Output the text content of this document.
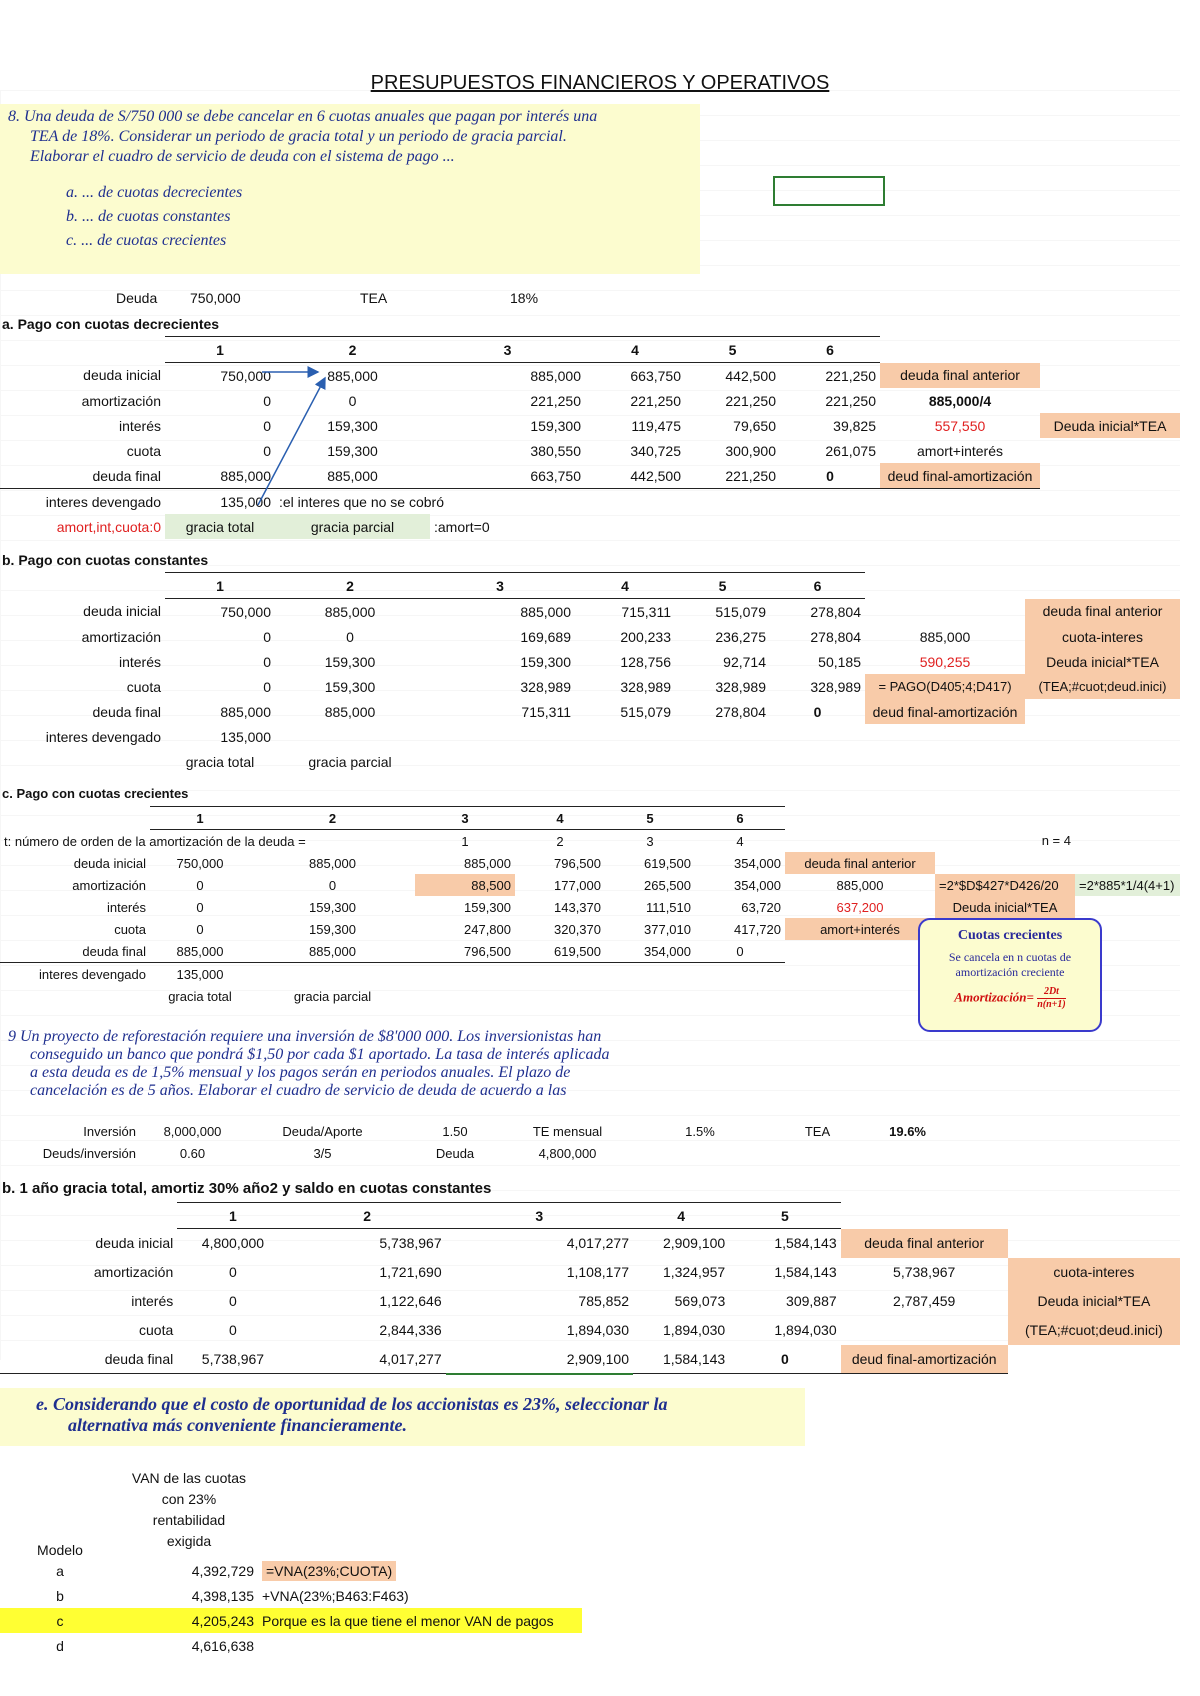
PRESUPUESTOS FINANCIEROS Y OPERATIVOS

8. Una deuda de S/750 000 se debe cancelar en 6 cuotas anuales que pagan por interés una

TEA de 18%. Considerar un periodo de gracia total y un periodo de gracia parcial.

Elaborar el cuadro de servicio de deuda con el sistema de pago ...

a. ... de cuotas decrecientes

b. ... de cuotas constantes

c. ... de cuotas crecientes

Deuda 750,000	TEA	18%
a. Pago con cuotas decrecientes
	1	2	3	4	5	6		
deuda inicial	750,000	885,000	885,000	663,750	442,500	221,250	deuda final anterior	
amortización	0	0	221,250	221,250	221,250	221,250	885,000/4	
interés	0	159,300	159,300	119,475	79,650	39,825	557,550	Deuda inicial*TEA
cuota	0	159,300	380,550	340,725	300,900	261,075	amort+interés	
deuda final	885,000	885,000	663,750	442,500	221,250	0	deud final-amortización	
interes devengado	135,000	:el interes que no se cobró						
amort,int,cuota:0	gracia total	gracia parcial	:amort=0					
b. Pago con cuotas constantes
	1	2	3	4	5	6		
deuda inicial	750,000	885,000	885,000	715,311	515,079	278,804		deuda final anterior
amortización	0	0	169,689	200,233	236,275	278,804	885,000	cuota-interes
interés	0	159,300	159,300	128,756	92,714	50,185	590,255	Deuda inicial*TEA
cuota	0	159,300	328,989	328,989	328,989	328,989	= PAGO(D405;4;D417)	(TEA;#cuot;deud.inici)
deuda final	885,000	885,000	715,311	515,079	278,804	0	deud final-amortización	
interes devengado	135,000							
	gracia total	gracia parcial						
c. Pago con cuotas crecientes
	1	2	3	4	5	6			
t: número de orden de la amortización de la deuda =			1	2	3	4	n = 4		
deuda inicial	750,000	885,000	885,000	796,500	619,500	354,000	deuda final anterior		
amortización	0	0	88,500	177,000	265,500	354,000	885,000	=2*$D$427*D426/20	=2*885*1/4(4+1)
interés	0	159,300	159,300	143,370	111,510	63,720	637,200	Deuda inicial*TEA	
cuota	0	159,300	247,800	320,370	377,010	417,720	amort+interés		
deuda final	885,000	885,000	796,500	619,500	354,000	0			
interes devengado	135,000								
	gracia total	gracia parcial							
Cuotas crecientes
Se cancela en n cuotas de amortización creciente
Amortización= $\frac{2Dt}{n(n+1)}$

9 Un proyecto de reforestación requiere una inversión de $8'000 000. Los inversionistas han

conseguido un banco que pondrá $1,50 por cada $1 aportado. La tasa de interés aplicada

a esta deuda es de 1,5% mensual y los pagos serán en periodos anuales. El plazo de

cancelación es de 5 años. Elaborar el cuadro de servicio de deuda de acuerdo a las

Inversión	8,000,000	Deuda/Aporte	1.50	TE mensual	1.5%	TEA	19.6%
Deuds/inversión	0.60	3/5	Deuda	4,800,000			
b. 1 año gracia total, amortiz 30% año2 y saldo en cuotas constantes
	1	2	3	4	5		
deuda inicial	4,800,000	5,738,967	4,017,277	2,909,100	1,584,143	deuda final anterior	
amortización	0	1,721,690	1,108,177	1,324,957	1,584,143	5,738,967	cuota-interes
interés	0	1,122,646	785,852	569,073	309,887	2,787,459	Deuda inicial*TEA
cuota	0	2,844,336	1,894,030	1,894,030	1,894,030		(TEA;#cuot;deud.inici)
deuda final	5,738,967	4,017,277	2,909,100	1,584,143	0	deud final-amortización	

e. Considerando que el costo de oportunidad de los accionistas es 23%, seleccionar la

alternativa más conveniente financieramente.

Modelo	VAN de las cuotas
con 23%
rentabilidad
exigida	

a	4,392,729	=VNA(23%;CUOTA)
b	4,398,135	+VNA(23%;B463:F463)
c	4,205,243	Porque es la que tiene el menor VAN de pagos
d	4,616,638	
